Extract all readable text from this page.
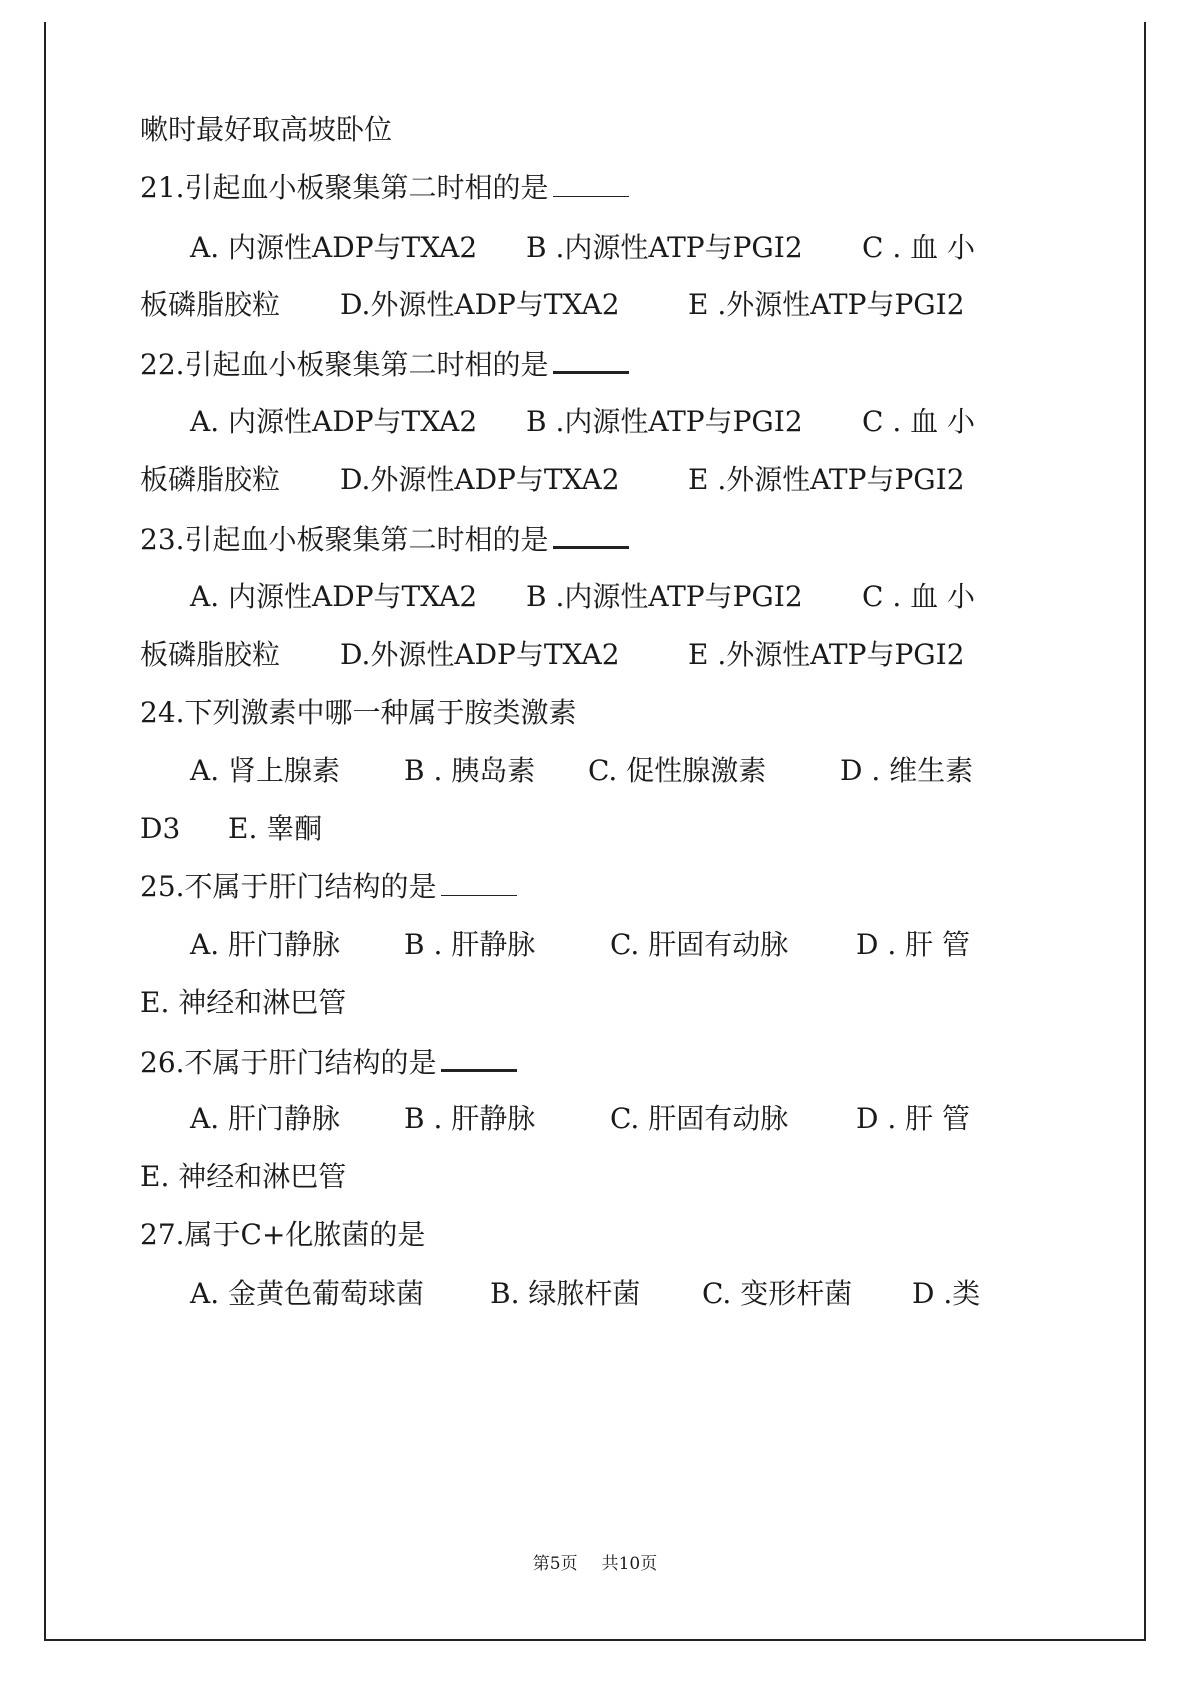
嗽时最好取高坡卧位
21.引起血小板聚集第二时相的是
A. 内源性ADP与TXA2 B .内源性ATP与PGI2 C . 血 小
板磷脂胶粒 D.外源性ADP与TXA2 E .外源性ATP与PGI2
22.引起血小板聚集第二时相的是
A. 内源性ADP与TXA2 B .内源性ATP与PGI2 C . 血 小
板磷脂胶粒 D.外源性ADP与TXA2 E .外源性ATP与PGI2
23.引起血小板聚集第二时相的是
A. 内源性ADP与TXA2 B .内源性ATP与PGI2 C . 血 小
板磷脂胶粒 D.外源性ADP与TXA2 E .外源性ATP与PGI2
24.下列激素中哪一种属于胺类激素
A. 肾上腺素 B . 胰岛素 C. 促性腺激素	D . 维生素
D3 E. 睾酮
25.不属于肝门结构的是
A. 肝门静脉 B . 肝静脉	C. 肝固有动脉 D . 肝 管
E. 神经和淋巴管
26.不属于肝门结构的是
A. 肝门静脉 B . 肝静脉	C. 肝固有动脉 D . 肝 管
E. 神经和淋巴管
27.属于C+化脓菌的是
A. 金黄色葡萄球菌 B. 绿脓杆菌 C. 变形杆菌 D .类
第5页 共10页
